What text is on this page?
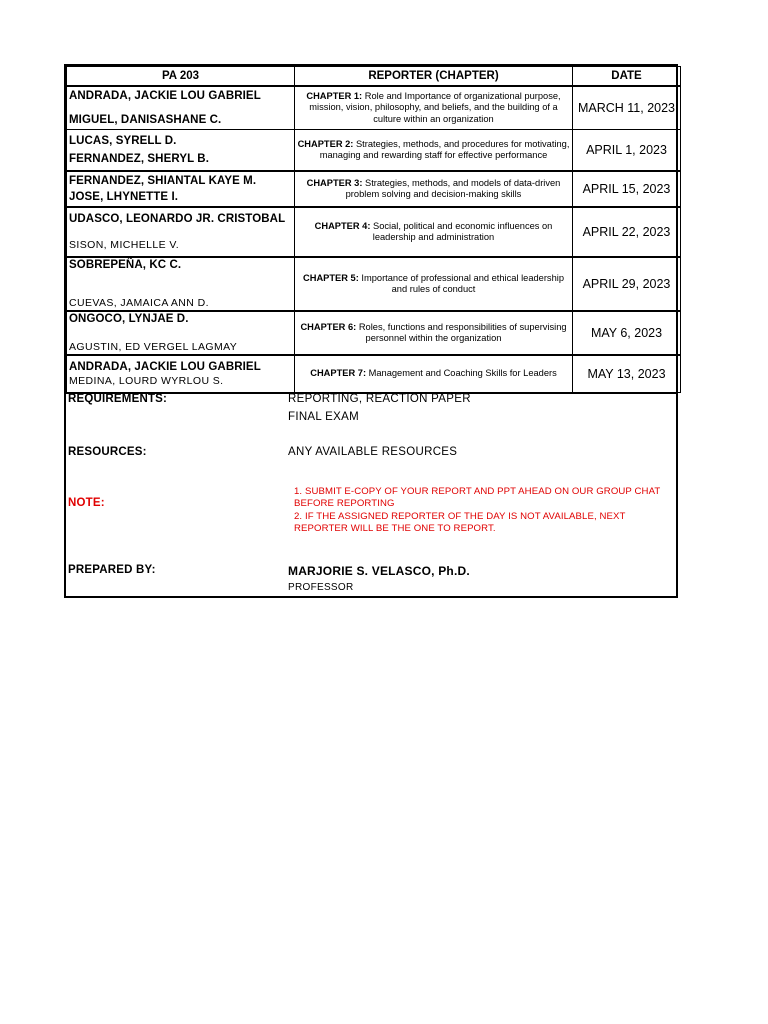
PA 203	REPORTER (CHAPTER)	DATE

ANDRADA, JACKIE LOU GABRIEL
MIGUEL, DANISASHANE C.	CHAPTER 1: Role and Importance of organizational purpose, mission, vision, philosophy, and beliefs, and the building of a culture within an organization	MARCH 11, 2023

LUCAS, SYRELL D.
FERNANDEZ, SHERYL B.	CHAPTER 2: Strategies, methods, and procedures for motivating, managing and rewarding staff for effective performance	APRIL 1, 2023

FERNANDEZ, SHIANTAL KAYE M.
JOSE, LHYNETTE I.	CHAPTER 3: Strategies, methods, and models of data-driven problem solving and decision-making skills	APRIL 15, 2023

UDASCO, LEONARDO JR. CRISTOBAL
SISON, MICHELLE V.	CHAPTER 4: Social, political and economic influences on leadership and administration	APRIL 22, 2023

SOBREPEÑA, KC C.
CUEVAS, JAMAICA ANN D.	CHAPTER 5: Importance of professional and ethical leadership and rules of conduct	APRIL 29, 2023

ONGOCO, LYNJAE D.
AGUSTIN, ED VERGEL LAGMAY	CHAPTER 6: Roles, functions and responsibilities of supervising personnel within the organization	MAY 6, 2023

ANDRADA, JACKIE LOU GABRIEL
MEDINA, LOURD WYRLOU S.	CHAPTER 7: Management and Coaching Skills for Leaders	MAY 13, 2023
REQUIREMENTS:	REPORTING, REACTION PAPER
FINAL EXAM
RESOURCES:	ANY AVAILABLE RESOURCES
NOTE:
1. SUBMIT E-COPY OF YOUR REPORT AND PPT AHEAD ON OUR GROUP CHAT BEFORE REPORTING
2. IF THE ASSIGNED REPORTER OF THE DAY IS NOT AVAILABLE, NEXT REPORTER WILL BE THE ONE TO REPORT.
PREPARED BY:	MARJORIE S. VELASCO, Ph.D.
PROFESSOR
